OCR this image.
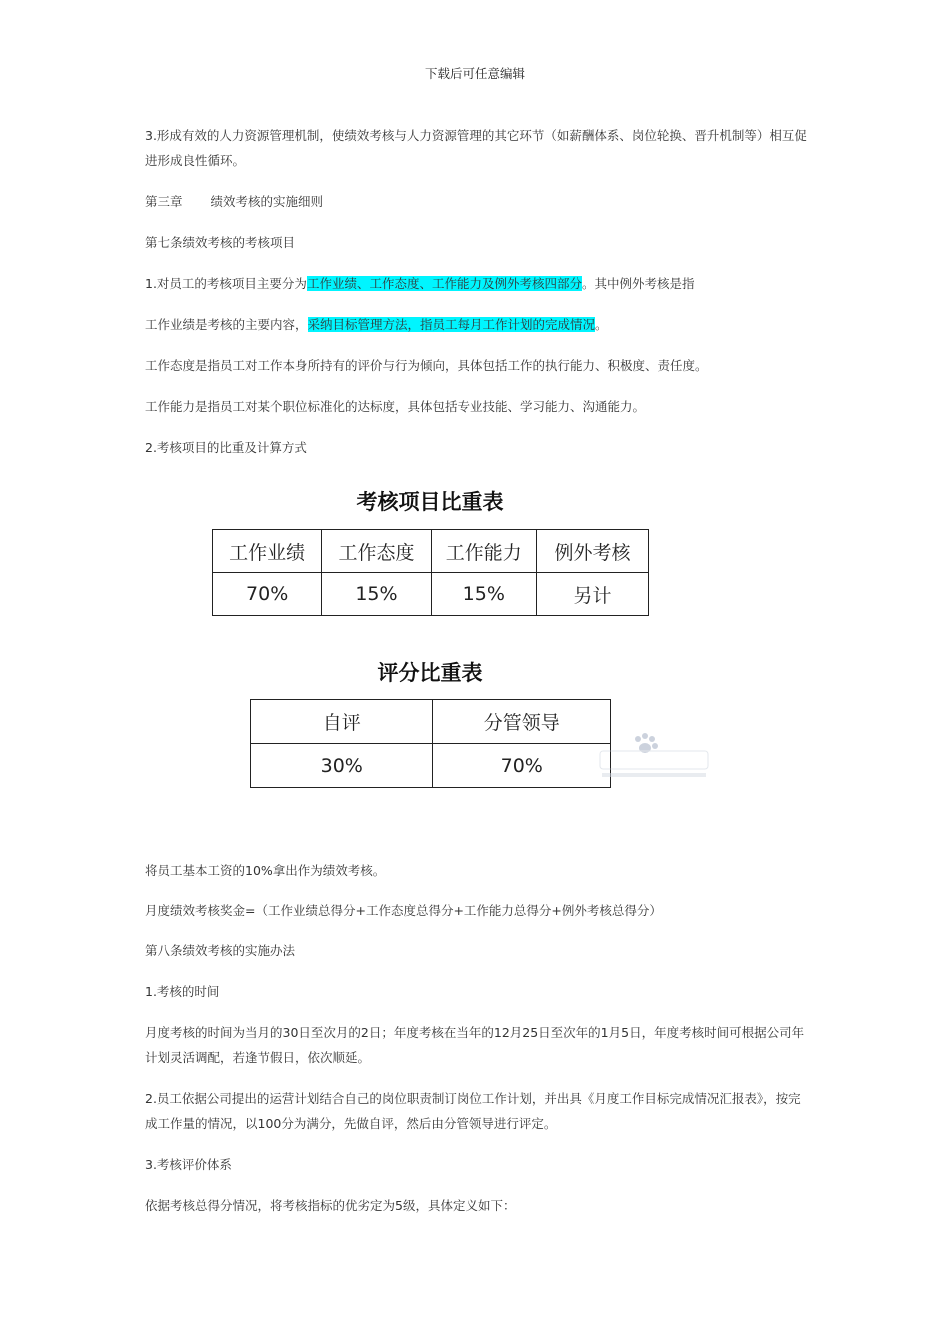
下载后可任意编辑

3.形成有效的人力资源管理机制，使绩效考核与人力资源管理的其它环节（如薪酬体系、岗位轮换、晋升机制等）相互促进形成良性循环。

第三章 绩效考核的实施细则

第七条绩效考核的考核项目

1.对员工的考核项目主要分为工作业绩、工作态度、工作能力及例外考核四部分。其中例外考核是指

工作业绩是考核的主要内容，采纳目标管理方法，指员工每月工作计划的完成情况。

工作态度是指员工对工作本身所持有的评价与行为倾向，具体包括工作的执行能力、积极度、责任度。

工作能力是指员工对某个职位标准化的达标度，具体包括专业技能、学习能力、沟通能力。

2.考核项目的比重及计算方式

考核项目比重表
工作业绩	工作态度	工作能力	例外考核
70%	15%	15%	另计
评分比重表
自评	分管领导
30%	70%

将员工基本工资的10%拿出作为绩效考核。

月度绩效考核奖金=（工作业绩总得分+工作态度总得分+工作能力总得分+例外考核总得分）

第八条绩效考核的实施办法

1.考核的时间

月度考核的时间为当月的30日至次月的2日；年度考核在当年的12月25日至次年的1月5日，年度考核时间可根据公司年计划灵活调配，若逢节假日，依次顺延。

2.员工依据公司提出的运营计划结合自己的岗位职责制订岗位工作计划，并出具《月度工作目标完成情况汇报表》，按完成工作量的情况，以100分为满分，先做自评，然后由分管领导进行评定。

3.考核评价体系

依据考核总得分情况，将考核指标的优劣定为5级，具体定义如下：
